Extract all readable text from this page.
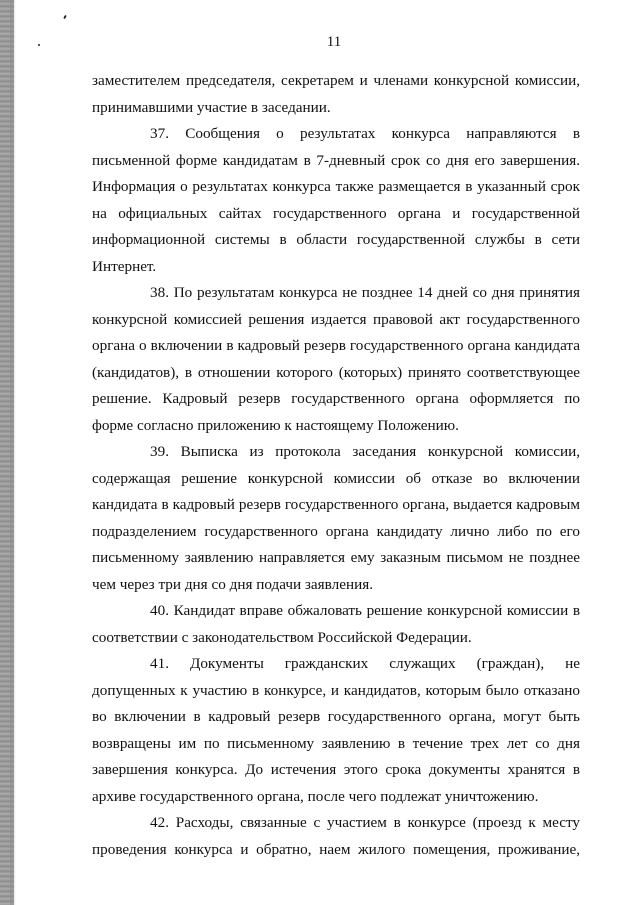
11

заместителем председателя, секретарем и членами конкурсной комиссии, принимавшими участие в заседании.

37. Сообщения о результатах конкурса направляются в письменной форме кандидатам в 7-дневный срок со дня его завершения. Информация о результатах конкурса также размещается в указанный срок на официальных сайтах государственного органа и государственной информационной системы в области государственной службы в сети Интернет.

38. По результатам конкурса не позднее 14 дней со дня принятия конкурсной комиссией решения издается правовой акт государственного органа о включении в кадровый резерв государственного органа кандидата (кандидатов), в отношении которого (которых) принято соответствующее решение. Кадровый резерв государственного органа оформляется по форме согласно приложению к настоящему Положению.

39. Выписка из протокола заседания конкурсной комиссии, содержащая решение конкурсной комиссии об отказе во включении кандидата в кадровый резерв государственного органа, выдается кадровым подразделением государственного органа кандидату лично либо по его письменному заявлению направляется ему заказным письмом не позднее чем через три дня со дня подачи заявления.

40. Кандидат вправе обжаловать решение конкурсной комиссии в соответствии с законодательством Российской Федерации.

41. Документы гражданских служащих (граждан), не допущенных к участию в конкурсе, и кандидатов, которым было отказано во включении в кадровый резерв государственного органа, могут быть возвращены им по письменному заявлению в течение трех лет со дня завершения конкурса. До истечения этого срока документы хранятся в архиве государственного органа, после чего подлежат уничтожению.

42. Расходы, связанные с участием в конкурсе (проезд к месту проведения конкурса и обратно, наем жилого помещения, проживание,
